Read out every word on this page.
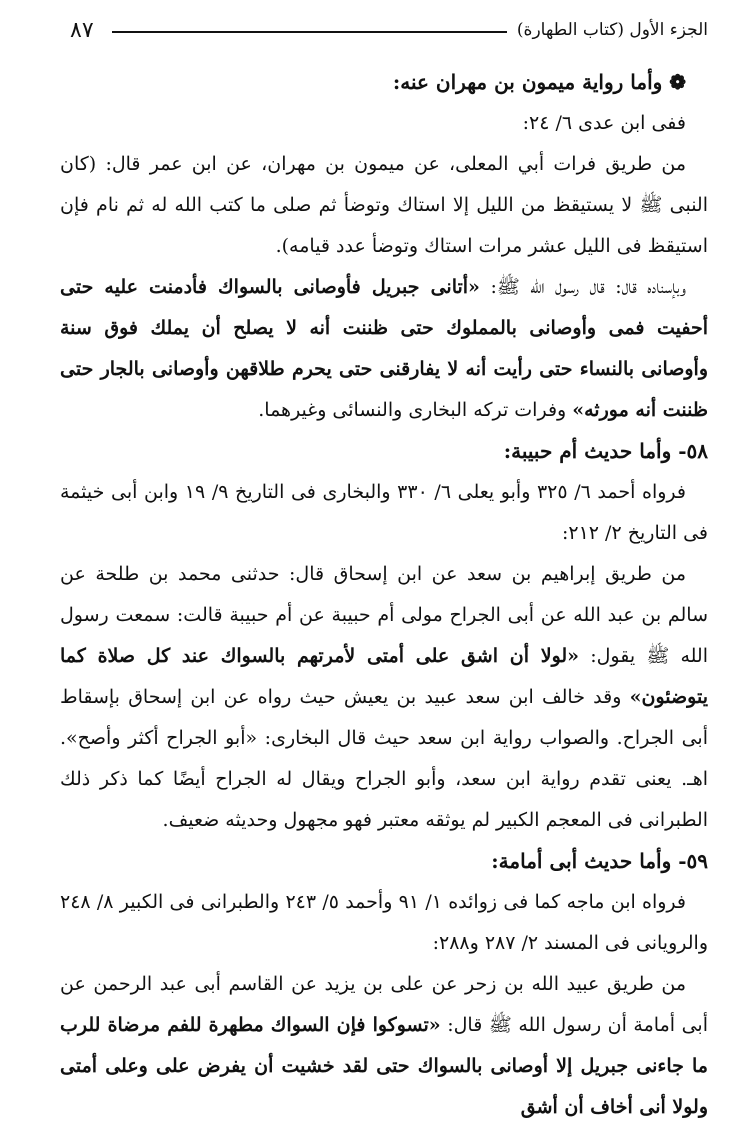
الجزء الأول (كتاب الطهارة)
٨٧

❁ وأما رواية ميمون بن مهران عنه:

ففى ابن عدى ٦/ ٢٤:

من طريق فرات أبي المعلى، عن ميمون بن مهران، عن ابن عمر قال: (كان النبى ﷺ لا يستيقظ من الليل إلا استاك وتوضأ ثم صلى ما كتب الله له ثم نام فإن استيقظ فى الليل عشر مرات استاك وتوضأ عدد قيامه).

وبإسناده قال: قال رسول الله ﷺ: «أتانى جبريل فأوصانى بالسواك فأدمنت عليه حتى أحفيت فمى وأوصانى بالمملوك حتى ظننت أنه لا يصلح أن يملك فوق سنة وأوصانى بالنساء حتى رأيت أنه لا يفارقنى حتى يحرم طلاقهن وأوصانى بالجار حتى ظننت أنه مورثه» وفرات تركه البخارى والنسائى وغيرهما.

٥٨- وأما حديث أم حبيبة:

فرواه أحمد ٦/ ٣٢٥ وأبو يعلى ٦/ ٣٣٠ والبخارى فى التاريخ ٩/ ١٩ وابن أبى خيثمة فى التاريخ ٢/ ٢١٢:

من طريق إبراهيم بن سعد عن ابن إسحاق قال: حدثنى محمد بن طلحة عن سالم بن عبد الله عن أبى الجراح مولى أم حبيبة عن أم حبيبة قالت: سمعت رسول الله ﷺ يقول: «لولا أن اشق على أمتى لأمرتهم بالسواك عند كل صلاة كما يتوضئون» وقد خالف ابن سعد عبيد بن يعيش حيث رواه عن ابن إسحاق بإسقاط أبى الجراح. والصواب رواية ابن سعد حيث قال البخارى: «أبو الجراح أكثر وأصح». اهـ. يعنى تقدم رواية ابن سعد، وأبو الجراح ويقال له الجراح أيضًا كما ذكر ذلك الطبرانى فى المعجم الكبير لم يوثقه معتبر فهو مجهول وحديثه ضعيف.

٥٩- وأما حديث أبى أمامة:

فرواه ابن ماجه كما فى زوائده ١/ ٩١ وأحمد ٥/ ٢٤٣ والطبرانى فى الكبير ٨/ ٢٤٨ والرويانى فى المسند ٢/ ٢٨٧ و٢٨٨:

من طريق عبيد الله بن زحر عن على بن يزيد عن القاسم أبى عبد الرحمن عن أبى أمامة أن رسول الله ﷺ قال: «تسوكوا فإن السواك مطهرة للفم مرضاة للرب ما جاءنى جبريل إلا أوصانى بالسواك حتى لقد خشيت أن يفرض على وعلى أمتى ولولا أنى أخاف أن أشق
